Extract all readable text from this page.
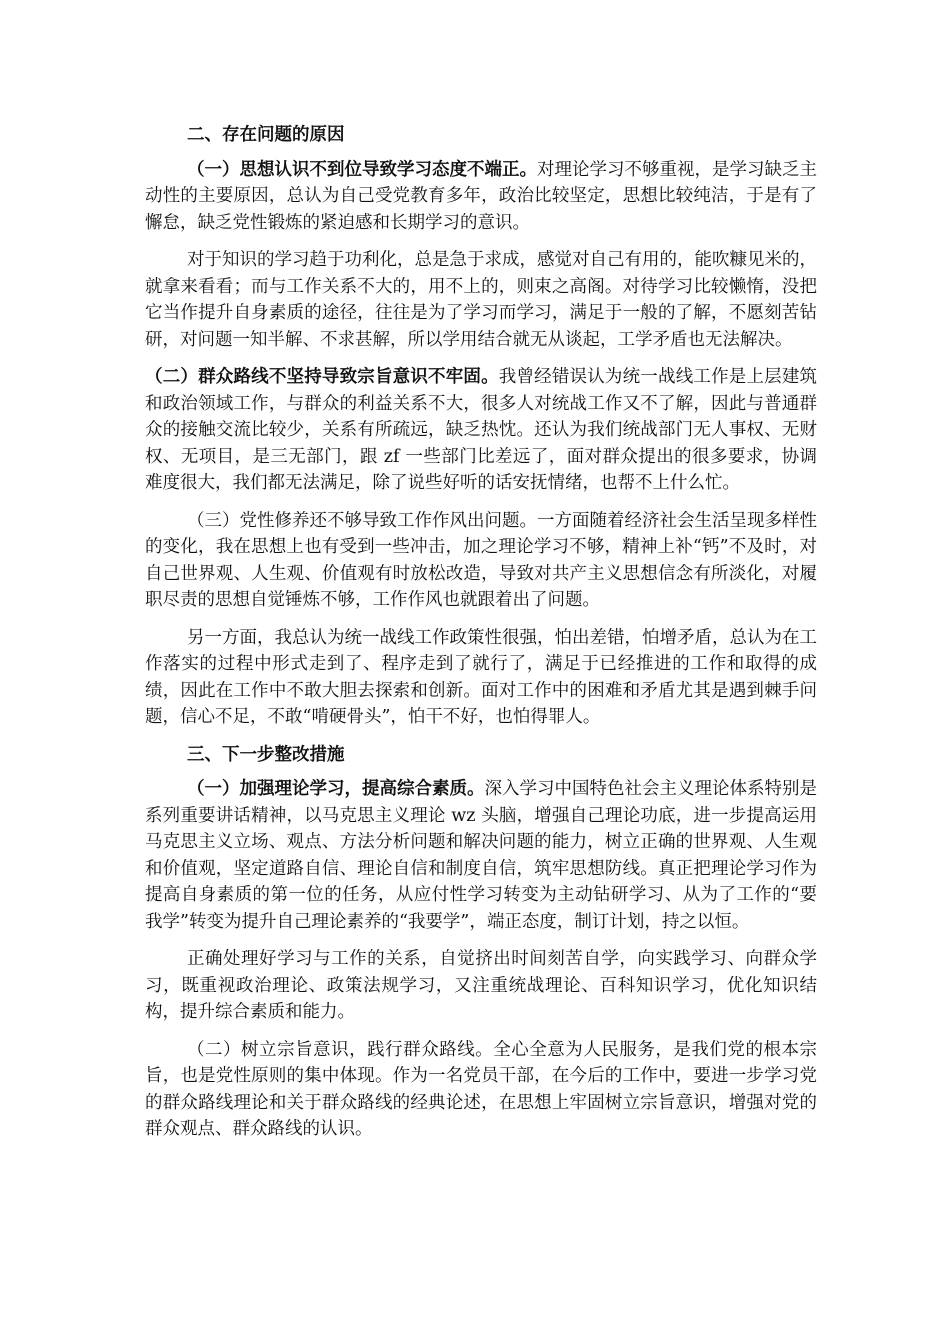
二、存在问题的原因

（一）思想认识不到位导致学习态度不端正。对理论学习不够重视，是学习缺乏主动性的主要原因，总认为自己受党教育多年，政治比较坚定，思想比较纯洁，于是有了懈怠，缺乏党性锻炼的紧迫感和长期学习的意识。

对于知识的学习趋于功利化，总是急于求成，感觉对自己有用的，能吹糠见米的，就拿来看看；而与工作关系不大的，用不上的，则束之高阁。对待学习比较懒惰，没把它当作提升自身素质的途径，往往是为了学习而学习，满足于一般的了解，不愿刻苦钻研，对问题一知半解、不求甚解，所以学用结合就无从谈起，工学矛盾也无法解决。

（二）群众路线不坚持导致宗旨意识不牢固。我曾经错误认为统一战线工作是上层建筑和政治领域工作，与群众的利益关系不大，很多人对统战工作又不了解，因此与普通群众的接触交流比较少，关系有所疏远，缺乏热忱。还认为我们统战部门无人事权、无财权、无项目，是三无部门，跟 zf 一些部门比差远了，面对群众提出的很多要求，协调难度很大，我们都无法满足，除了说些好听的话安抚情绪，也帮不上什么忙。

（三）党性修养还不够导致工作作风出问题。一方面随着经济社会生活呈现多样性的变化，我在思想上也有受到一些冲击，加之理论学习不够，精神上补“钙”不及时，对自己世界观、人生观、价值观有时放松改造，导致对共产主义思想信念有所淡化，对履职尽责的思想自觉锤炼不够，工作作风也就跟着出了问题。

另一方面，我总认为统一战线工作政策性很强，怕出差错，怕增矛盾，总认为在工作落实的过程中形式走到了、程序走到了就行了，满足于已经推进的工作和取得的成绩，因此在工作中不敢大胆去探索和创新。面对工作中的困难和矛盾尤其是遇到棘手问题，信心不足，不敢“啃硬骨头”，怕干不好，也怕得罪人。

三、下一步整改措施

（一）加强理论学习，提高综合素质。深入学习中国特色社会主义理论体系特别是系列重要讲话精神，以马克思主义理论 wz 头脑，增强自己理论功底，进一步提高运用马克思主义立场、观点、方法分析问题和解决问题的能力，树立正确的世界观、人生观和价值观，坚定道路自信、理论自信和制度自信，筑牢思想防线。真正把理论学习作为提高自身素质的第一位的任务，从应付性学习转变为主动钻研学习、从为了工作的“要我学”转变为提升自己理论素养的“我要学”，端正态度，制订计划，持之以恒。

正确处理好学习与工作的关系，自觉挤出时间刻苦自学，向实践学习、向群众学习，既重视政治理论、政策法规学习，又注重统战理论、百科知识学习，优化知识结构，提升综合素质和能力。

（二）树立宗旨意识，践行群众路线。全心全意为人民服务，是我们党的根本宗旨，也是党性原则的集中体现。作为一名党员干部，在今后的工作中，要进一步学习党的群众路线理论和关于群众路线的经典论述，在思想上牢固树立宗旨意识，增强对党的群众观点、群众路线的认识。
